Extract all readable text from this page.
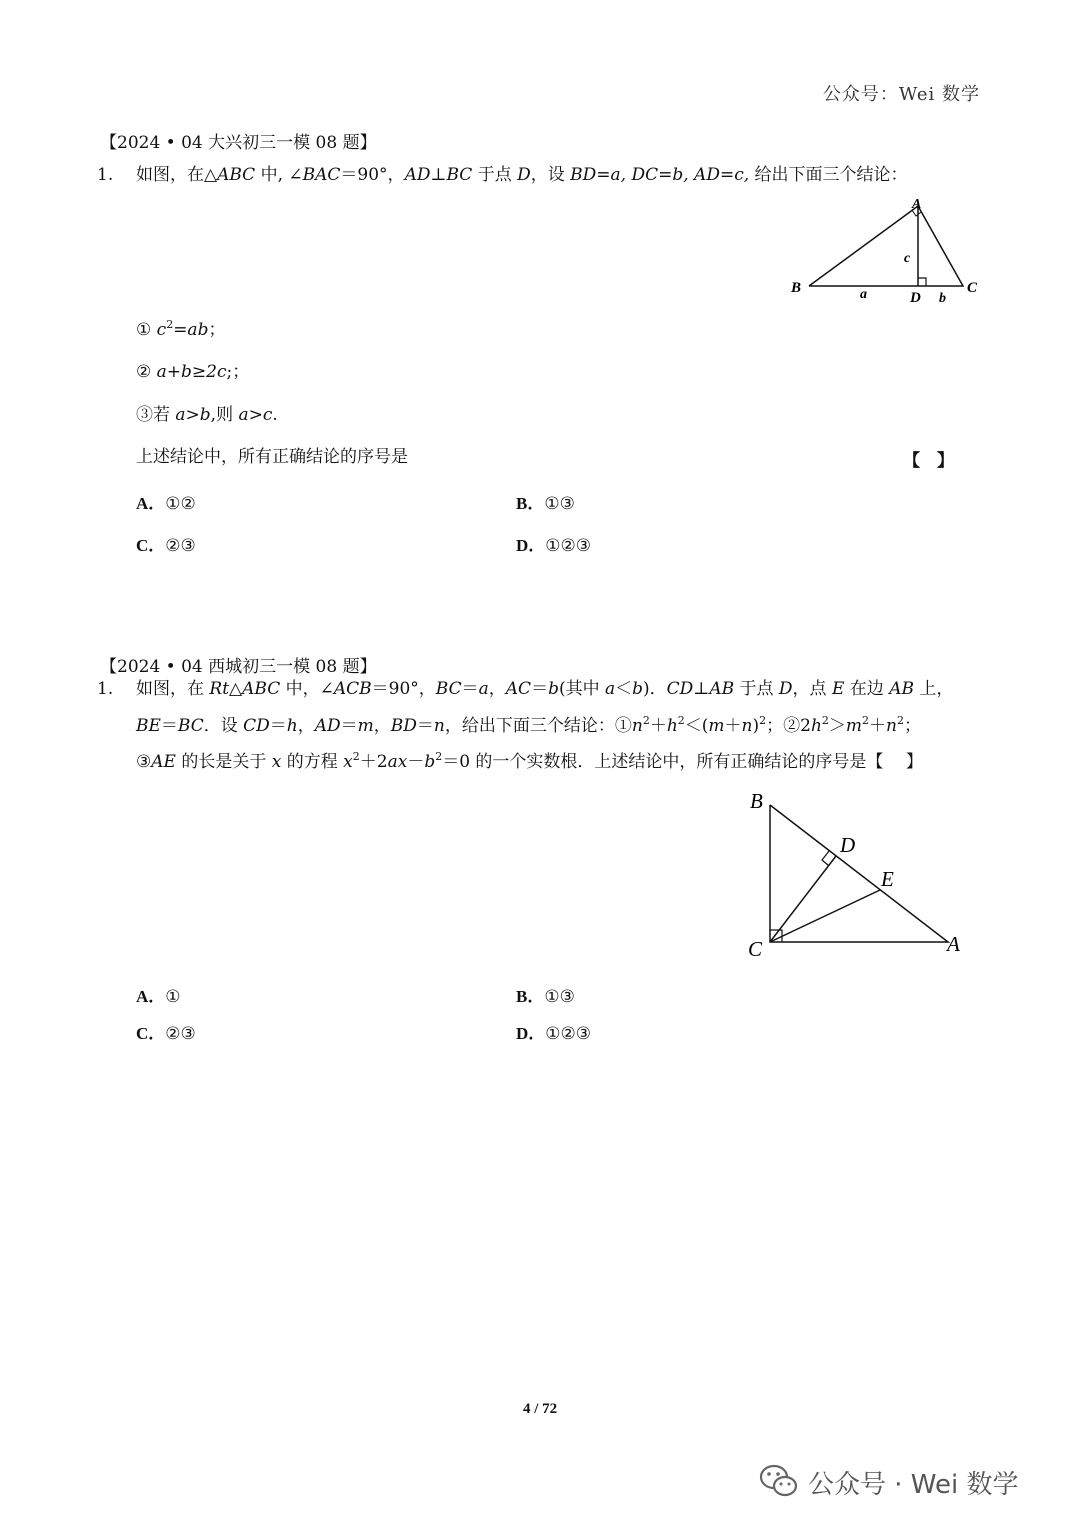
公众号：Wei 数学
【2024 • 04 大兴初三一模 08 题】
1. 如图，在△ABC 中, ∠BAC＝90°，AD⊥BC 于点 D，设 BD=a, DC=b, AD=c, 给出下面三个结论：
A
B	C
D
a	b
c
① $c^2=ab$；
② a+b≥2c;；
③若 a>b,则 a>c.
上述结论中，所有正确结论的序号是	【　】
A．①②	B．①③
C．②③	D．①②③
【2024 • 04 西城初三一模 08 题】
1. 如图，在 Rt△ABC 中，∠ACB＝90°，BC＝a，AC＝b(其中 a＜b)．CD⊥AB 于点 D，点 E 在边 AB 上，
BE＝BC．设 CD＝h，AD＝m，BD＝n，给出下面三个结论：$①n^2+h^2<(m+n)^2$；$②2h^2>m^2+n^2$；
③AE 的长是关于 x 的方程 $x^2+2ax-b^2=0$ 的一个实数根．上述结论中，所有正确结论的序号是【　 】
B
D
E
C	A
A．①	B．①③
C．②③	D．①②③
4 / 72
公众号 · Wei 数学
